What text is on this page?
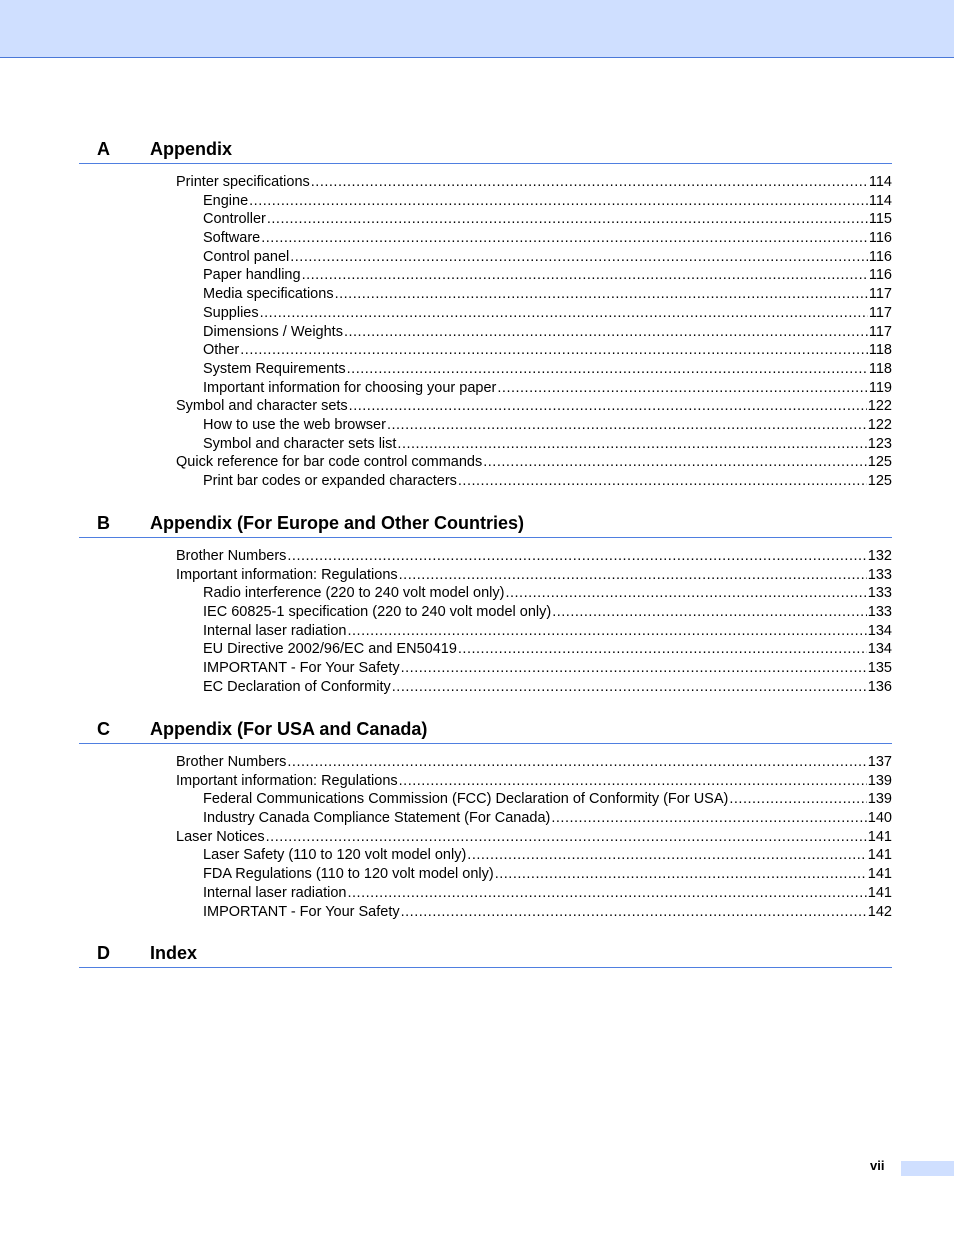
A Appendix
Printer specifications .....	114
Engine .....	114
Controller .....	115
Software .....	116
Control panel .....	116
Paper handling .....	116
Media specifications .....	117
Supplies .....	117
Dimensions / Weights .....	117
Other .....	118
System Requirements .....	118
Important information for choosing your paper .....	119
Symbol and character sets .....	122
How to use the web browser .....	122
Symbol and character sets list .....	123
Quick reference for bar code control commands .....	125
Print bar codes or expanded characters .....	125
B Appendix (For Europe and Other Countries)
Brother Numbers .....	132
Important information: Regulations .....	133
Radio interference (220 to 240 volt model only) .....	133
IEC 60825-1 specification (220 to 240 volt model only) .....	133
Internal laser radiation .....	134
EU Directive 2002/96/EC and EN50419 .....	134
IMPORTANT - For Your Safety .....	135
EC Declaration of Conformity .....	136
C Appendix (For USA and Canada)
Brother Numbers .....	137
Important information: Regulations .....	139
Federal Communications Commission (FCC) Declaration of Conformity (For USA) .....	139
Industry Canada Compliance Statement (For Canada) .....	140
Laser Notices .....	141
Laser Safety (110 to 120 volt model only) .....	141
FDA Regulations (110 to 120 volt model only) .....	141
Internal laser radiation .....	141
IMPORTANT - For Your Safety .....	142
D Index
vii
